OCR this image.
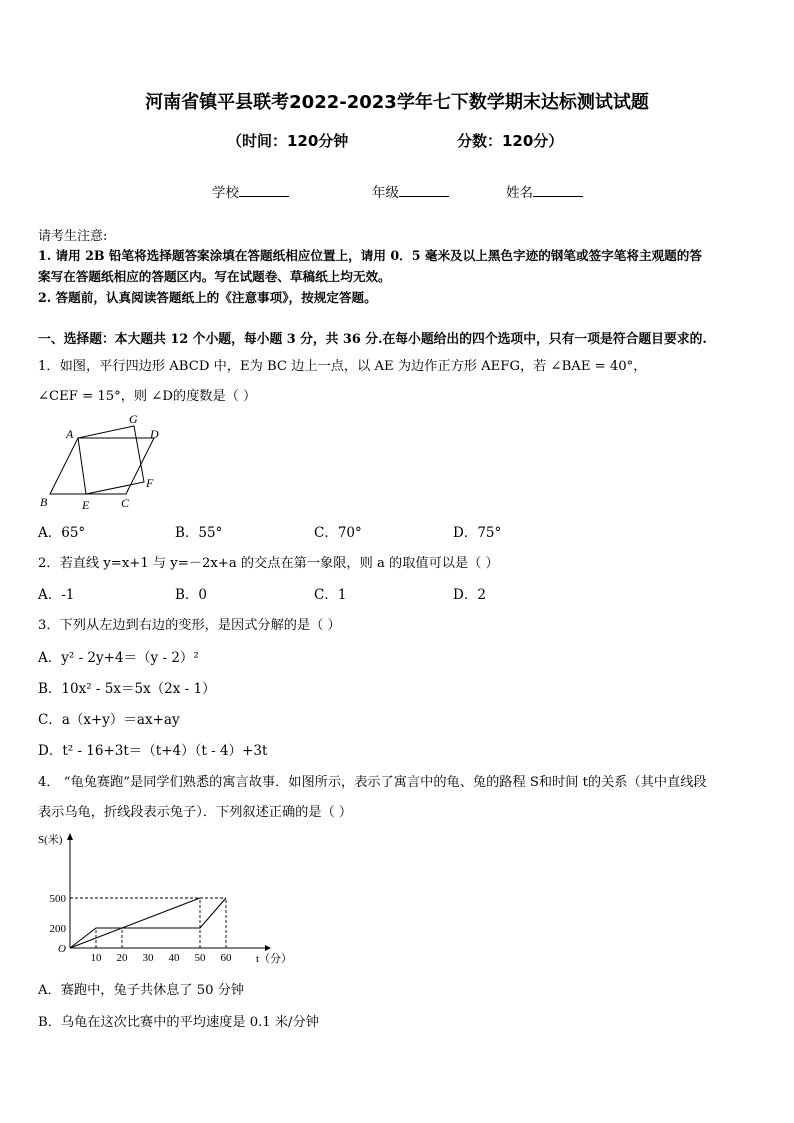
河南省镇平县联考2022-2023学年七下数学期末达标测试试题
（时间：120分钟	分数：120分）
学校	年级	姓名
请考生注意:
1. 请用 2B 铅笔将选择题答案涂填在答题纸相应位置上，请用 0．5 毫米及以上黑色字迹的钢笔或签字笔将主观题的答
案写在答题纸相应的答题区内。写在试题卷、草稿纸上均无效。
2. 答题前，认真阅读答题纸上的《注意事项》，按规定答题。
一、选择题：本大题共 12 个小题，每小题 3 分，共 36 分.在每小题给出的四个选项中，只有一项是符合题目要求的.
1．如图，平行四边形 ABCD 中，E为 BC 边上一点，以 AE 为边作正方形 AEFG，若 ∠BAE = 40°，
∠CEF = 15°，则 ∠D的度数是（ ）
A
B	C
D
E
F
G
A．65°	B．55°	C．70°	D．75°
2．若直线 y=x+1 与 y=－2x+a 的交点在第一象限，则 a 的取值可以是（ ）
A．-1	B．0	C．1	D．2
3．下列从左边到右边的变形，是因式分解的是（ ）
A．y² - 2y+4＝（y - 2）²
B．10x² - 5x＝5x（2x - 1）
C．a（x+y）＝ax+ay
D．t² - 16+3t＝（t+4）（t - 4）+3t
4． “龟兔赛跑”是同学们熟悉的寓言故事．如图所示，表示了寓言中的龟、兔的路程 S和时间 t的关系（其中直线段
表示乌龟，折线段表示兔子）．下列叙述正确的是（ ）
S(米)
t（分）
O
10 20 30 40 50 60
200
500
A．赛跑中，兔子共休息了 50 分钟
B．乌龟在这次比赛中的平均速度是 0.1 米/分钟
